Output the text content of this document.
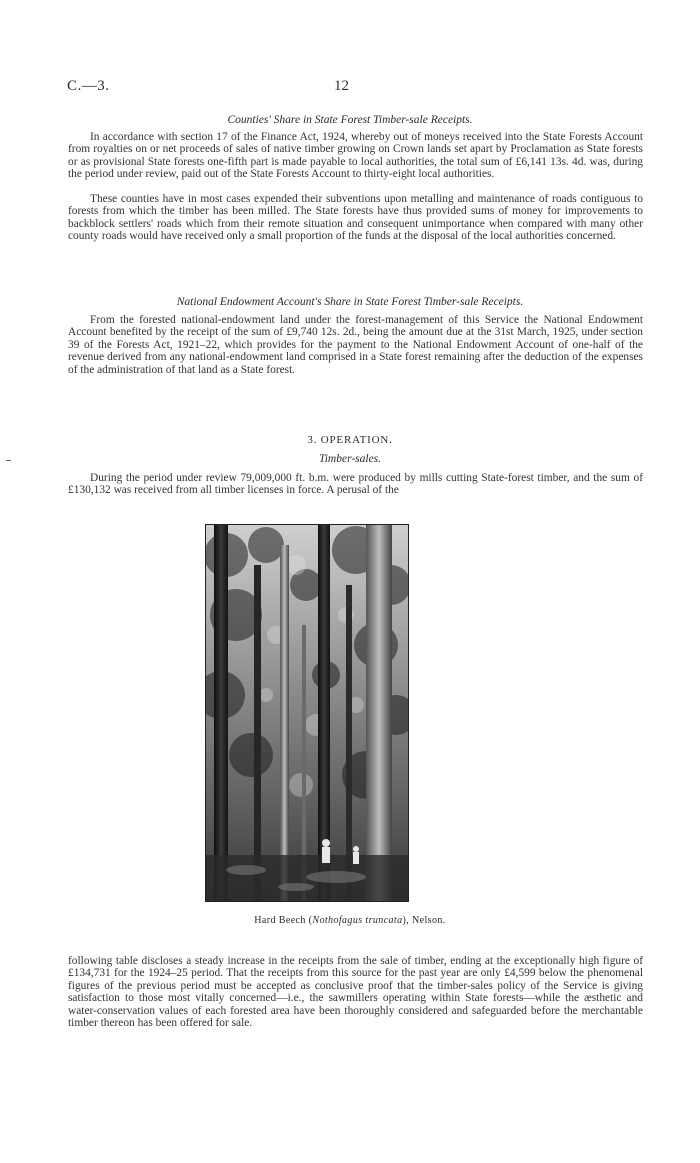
C.—3.	12
Counties' Share in State Forest Timber-sale Receipts.

In accordance with section 17 of the Finance Act, 1924, whereby out of moneys received into the State Forests Account from royalties on or net proceeds of sales of native timber growing on Crown lands set apart by Proclamation as State forests or as provisional State forests one-fifth part is made payable to local authorities, the total sum of £6,141 13s. 4d. was, during the period under review, paid out of the State Forests Account to thirty-eight local authorities.

These counties have in most cases expended their subventions upon metalling and maintenance of roads contiguous to forests from which the timber has been milled. The State forests have thus provided sums of money for improvements to backblock settlers' roads which from their remote situation and consequent unimportance when compared with many other county roads would have received only a small proportion of the funds at the disposal of the local authorities concerned.

National Endowment Account's Share in State Forest Timber-sale Receipts.

From the forested national-endowment land under the forest-management of this Service the National Endowment Account benefited by the receipt of the sum of £9,740 12s. 2d., being the amount due at the 31st March, 1925, under section 39 of the Forests Act, 1921–22, which provides for the payment to the National Endowment Account of one-half of the revenue derived from any national-endowment land comprised in a State forest remaining after the deduction of the expenses of the administration of that land as a State forest.

3. OPERATION.
Timber-sales.

During the period under review 79,009,000 ft. b.m. were produced by mills cutting State-forest timber, and the sum of £130,132 was received from all timber licenses in force. A perusal of the

Hard Beech (Nothofagus truncata), Nelson.

following table discloses a steady increase in the receipts from the sale of timber, ending at the exceptionally high figure of £134,731 for the 1924–25 period. That the receipts from this source for the past year are only £4,599 below the phenomenal figures of the previous period must be accepted as conclusive proof that the timber-sales policy of the Service is giving satisfaction to those most vitally concerned—i.e., the sawmillers operating within State forests—while the æsthetic and water-conservation values of each forested area have been thoroughly considered and safeguarded before the merchantable timber thereon has been offered for sale.
